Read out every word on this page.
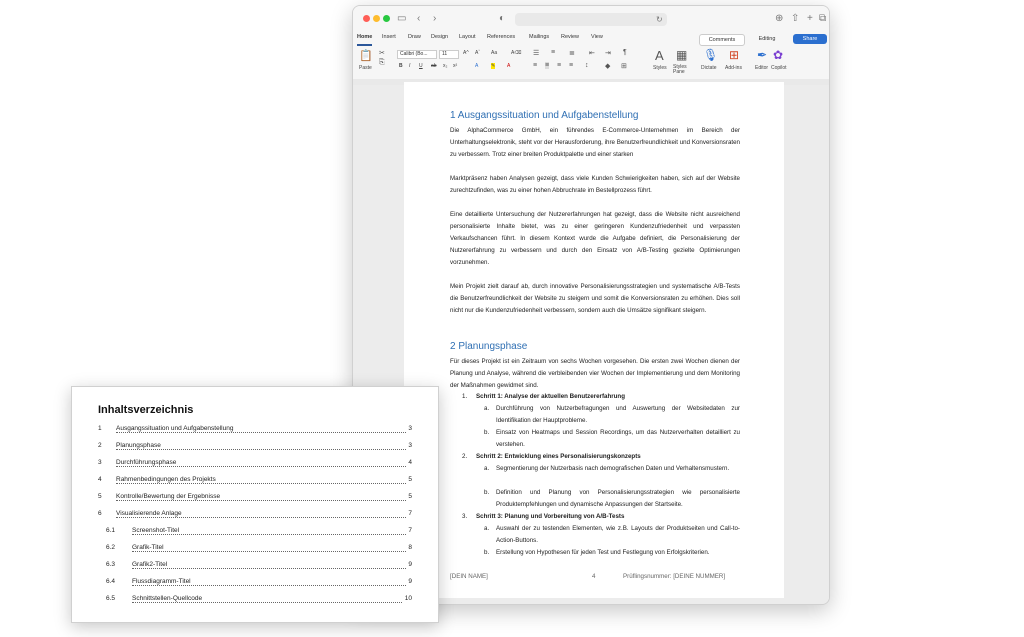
▭ ‹ ›	◐	↻	⊕ ⇧ + ⧉
Home Insert Draw Design Layout References	Mailings Review View	Comments	Editing	Share
📋
Paste
✂
⎘
Calibri (Bo...	11	A^ Aˇ Aa	A⌫
B I U ab x₂ x²	A	✎ A
☰ ≡ ≣ ⇤ ⇥ ¶
≡ ≡ ≡ ≡ ↕ ◆ ⊞
A
Styles
▦
Styles Pane
🎙
Dictate
⊞
Add-ins
✒
Editor
✿
Copilot
1 Ausgangssituation und Aufgabenstellung

Die AlphaCommerce GmbH, ein führendes E-Commerce-Unternehmen im Bereich der Unterhaltungselektronik, steht vor der Herausforderung, ihre Benutzerfreundlichkeit und Konversionsraten zu verbessern. Trotz einer breiten Produktpalette und einer starken

Marktpräsenz haben Analysen gezeigt, dass viele Kunden Schwierigkeiten haben, sich auf der Website zurechtzufinden, was zu einer hohen Abbruchrate im Bestellprozess führt.

Eine detaillierte Untersuchung der Nutzererfahrungen hat gezeigt, dass die Website nicht ausreichend personalisierte Inhalte bietet, was zu einer geringeren Kundenzufriedenheit und verpassten Verkaufschancen führt. In diesem Kontext wurde die Aufgabe definiert, die Personalisierung der Nutzererfahrung zu verbessern und durch den Einsatz von A/B-Testing gezielte Optimierungen vorzunehmen.

Mein Projekt zielt darauf ab, durch innovative Personalisierungsstrategien und systematische A/B-Tests die Benutzerfreundlichkeit der Website zu steigern und somit die Konversionsraten zu erhöhen. Dies soll nicht nur die Kundenzufriedenheit verbessern, sondern auch die Umsätze signifikant steigern.

2 Planungsphase

Für dieses Projekt ist ein Zeitraum von sechs Wochen vorgesehen. Die ersten zwei Wochen dienen der Planung und Analyse, während die verbleibenden vier Wochen der Implementierung und dem Monitoring der Maßnahmen gewidmet sind.

1. Schritt 1: Analyse der aktuellen Benutzererfahrung
a. Durchführung von Nutzerbefragungen und Auswertung der Websitedaten zur Identifikation der Hauptprobleme.

b. Einsatz von Heatmaps und Session Recordings, um das Nutzerverhalten detailliert zu verstehen.

2. Schritt 2: Entwicklung eines Personalisierungskonzepts
a. Segmentierung der Nutzerbasis nach demografischen Daten und Verhaltensmustern.

b. Definition und Planung von Personalisierungsstrategien wie personalisierte Produktempfehlungen und dynamische Anpassungen der Startseite.

3. Schritt 3: Planung und Vorbereitung von A/B-Tests
a. Auswahl der zu testenden Elementen, wie z.B. Layouts der Produktseiten und Call-to-Action-Buttons.

b. Erstellung von Hypothesen für jeden Test und Festlegung von Erfolgskriterien.

[DEIN NAME]	4	Prüflingsnummer: [DEINE NUMMER]
Inhaltsverzeichnis
1 Ausgangssituation und Aufgabenstellung	3
2 Planungsphase	3
3 Durchführungsphase	4
4 Rahmenbedingungen des Projekts	5
5 Kontrolle/Bewertung der Ergebnisse	5
6 Visualisierende Anlage	7
6.1	Screenshot-Titel	7
6.2	Grafik-Titel	8
6.3	Grafik2-Titel	9
6.4	Flussdiagramm-Titel	9
6.5	Schnittstellen-Quellcode	10
